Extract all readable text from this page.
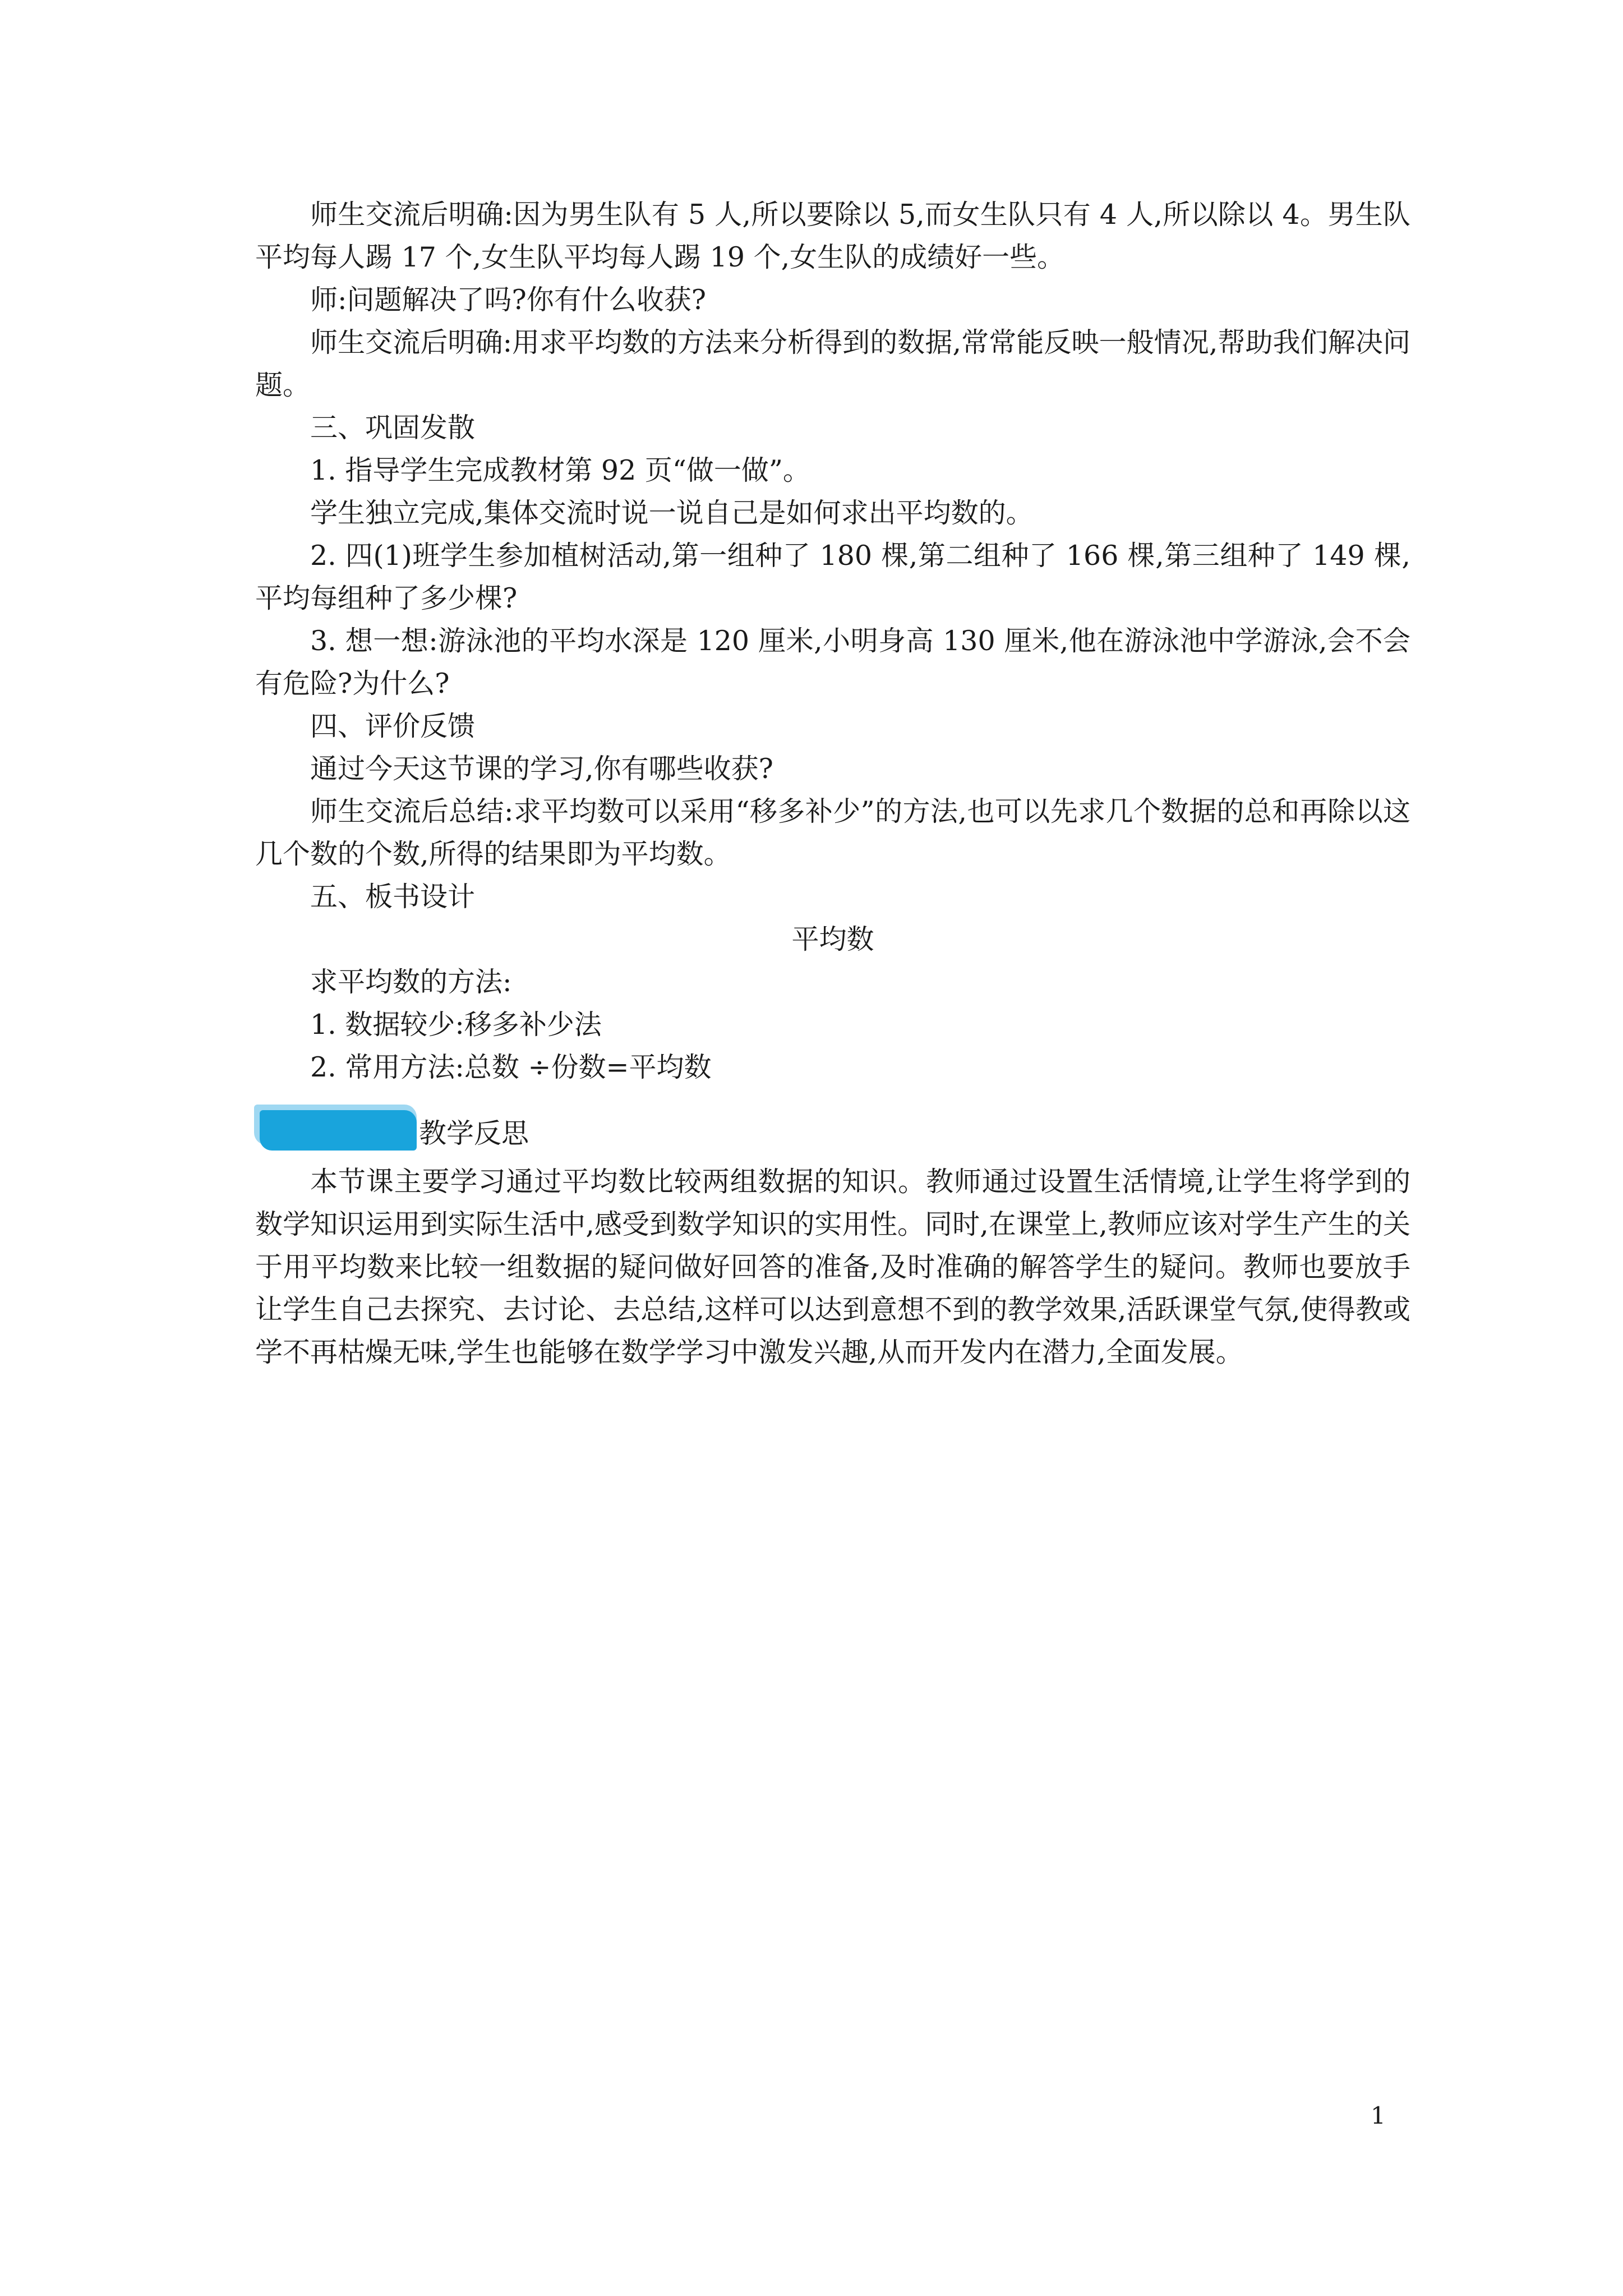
师生交流后明确:因为男生队有 5 人,所以要除以 5,而女生队只有 4 人,所以除以 4。男生队平均每人踢 17 个,女生队平均每人踢 19 个,女生队的成绩好一些。

师:问题解决了吗?你有什么收获?

师生交流后明确:用求平均数的方法来分析得到的数据,常常能反映一般情况,帮助我们解决问题。

三、巩固发散

1. 指导学生完成教材第 92 页“做一做”。

学生独立完成,集体交流时说一说自己是如何求出平均数的。

2. 四(1)班学生参加植树活动,第一组种了 180 棵,第二组种了 166 棵,第三组种了 149 棵,平均每组种了多少棵?

3. 想一想:游泳池的平均水深是 120 厘米,小明身高 130 厘米,他在游泳池中学游泳,会不会有危险?为什么?

四、评价反馈

通过今天这节课的学习,你有哪些收获?

师生交流后总结:求平均数可以采用“移多补少”的方法,也可以先求几个数据的总和再除以这几个数的个数,所得的结果即为平均数。

五、板书设计

平均数

求平均数的方法:

1. 数据较少:移多补少法

2. 常用方法:总数 ÷份数=平均数

教学反思

本节课主要学习通过平均数比较两组数据的知识。教师通过设置生活情境,让学生将学到的数学知识运用到实际生活中,感受到数学知识的实用性。同时,在课堂上,教师应该对学生产生的关于用平均数来比较一组数据的疑问做好回答的准备,及时准确的解答学生的疑问。教师也要放手让学生自己去探究、去讨论、去总结,这样可以达到意想不到的教学效果,活跃课堂气氛,使得教或学不再枯燥无味,学生也能够在数学学习中激发兴趣,从而开发内在潜力,全面发展。

1
